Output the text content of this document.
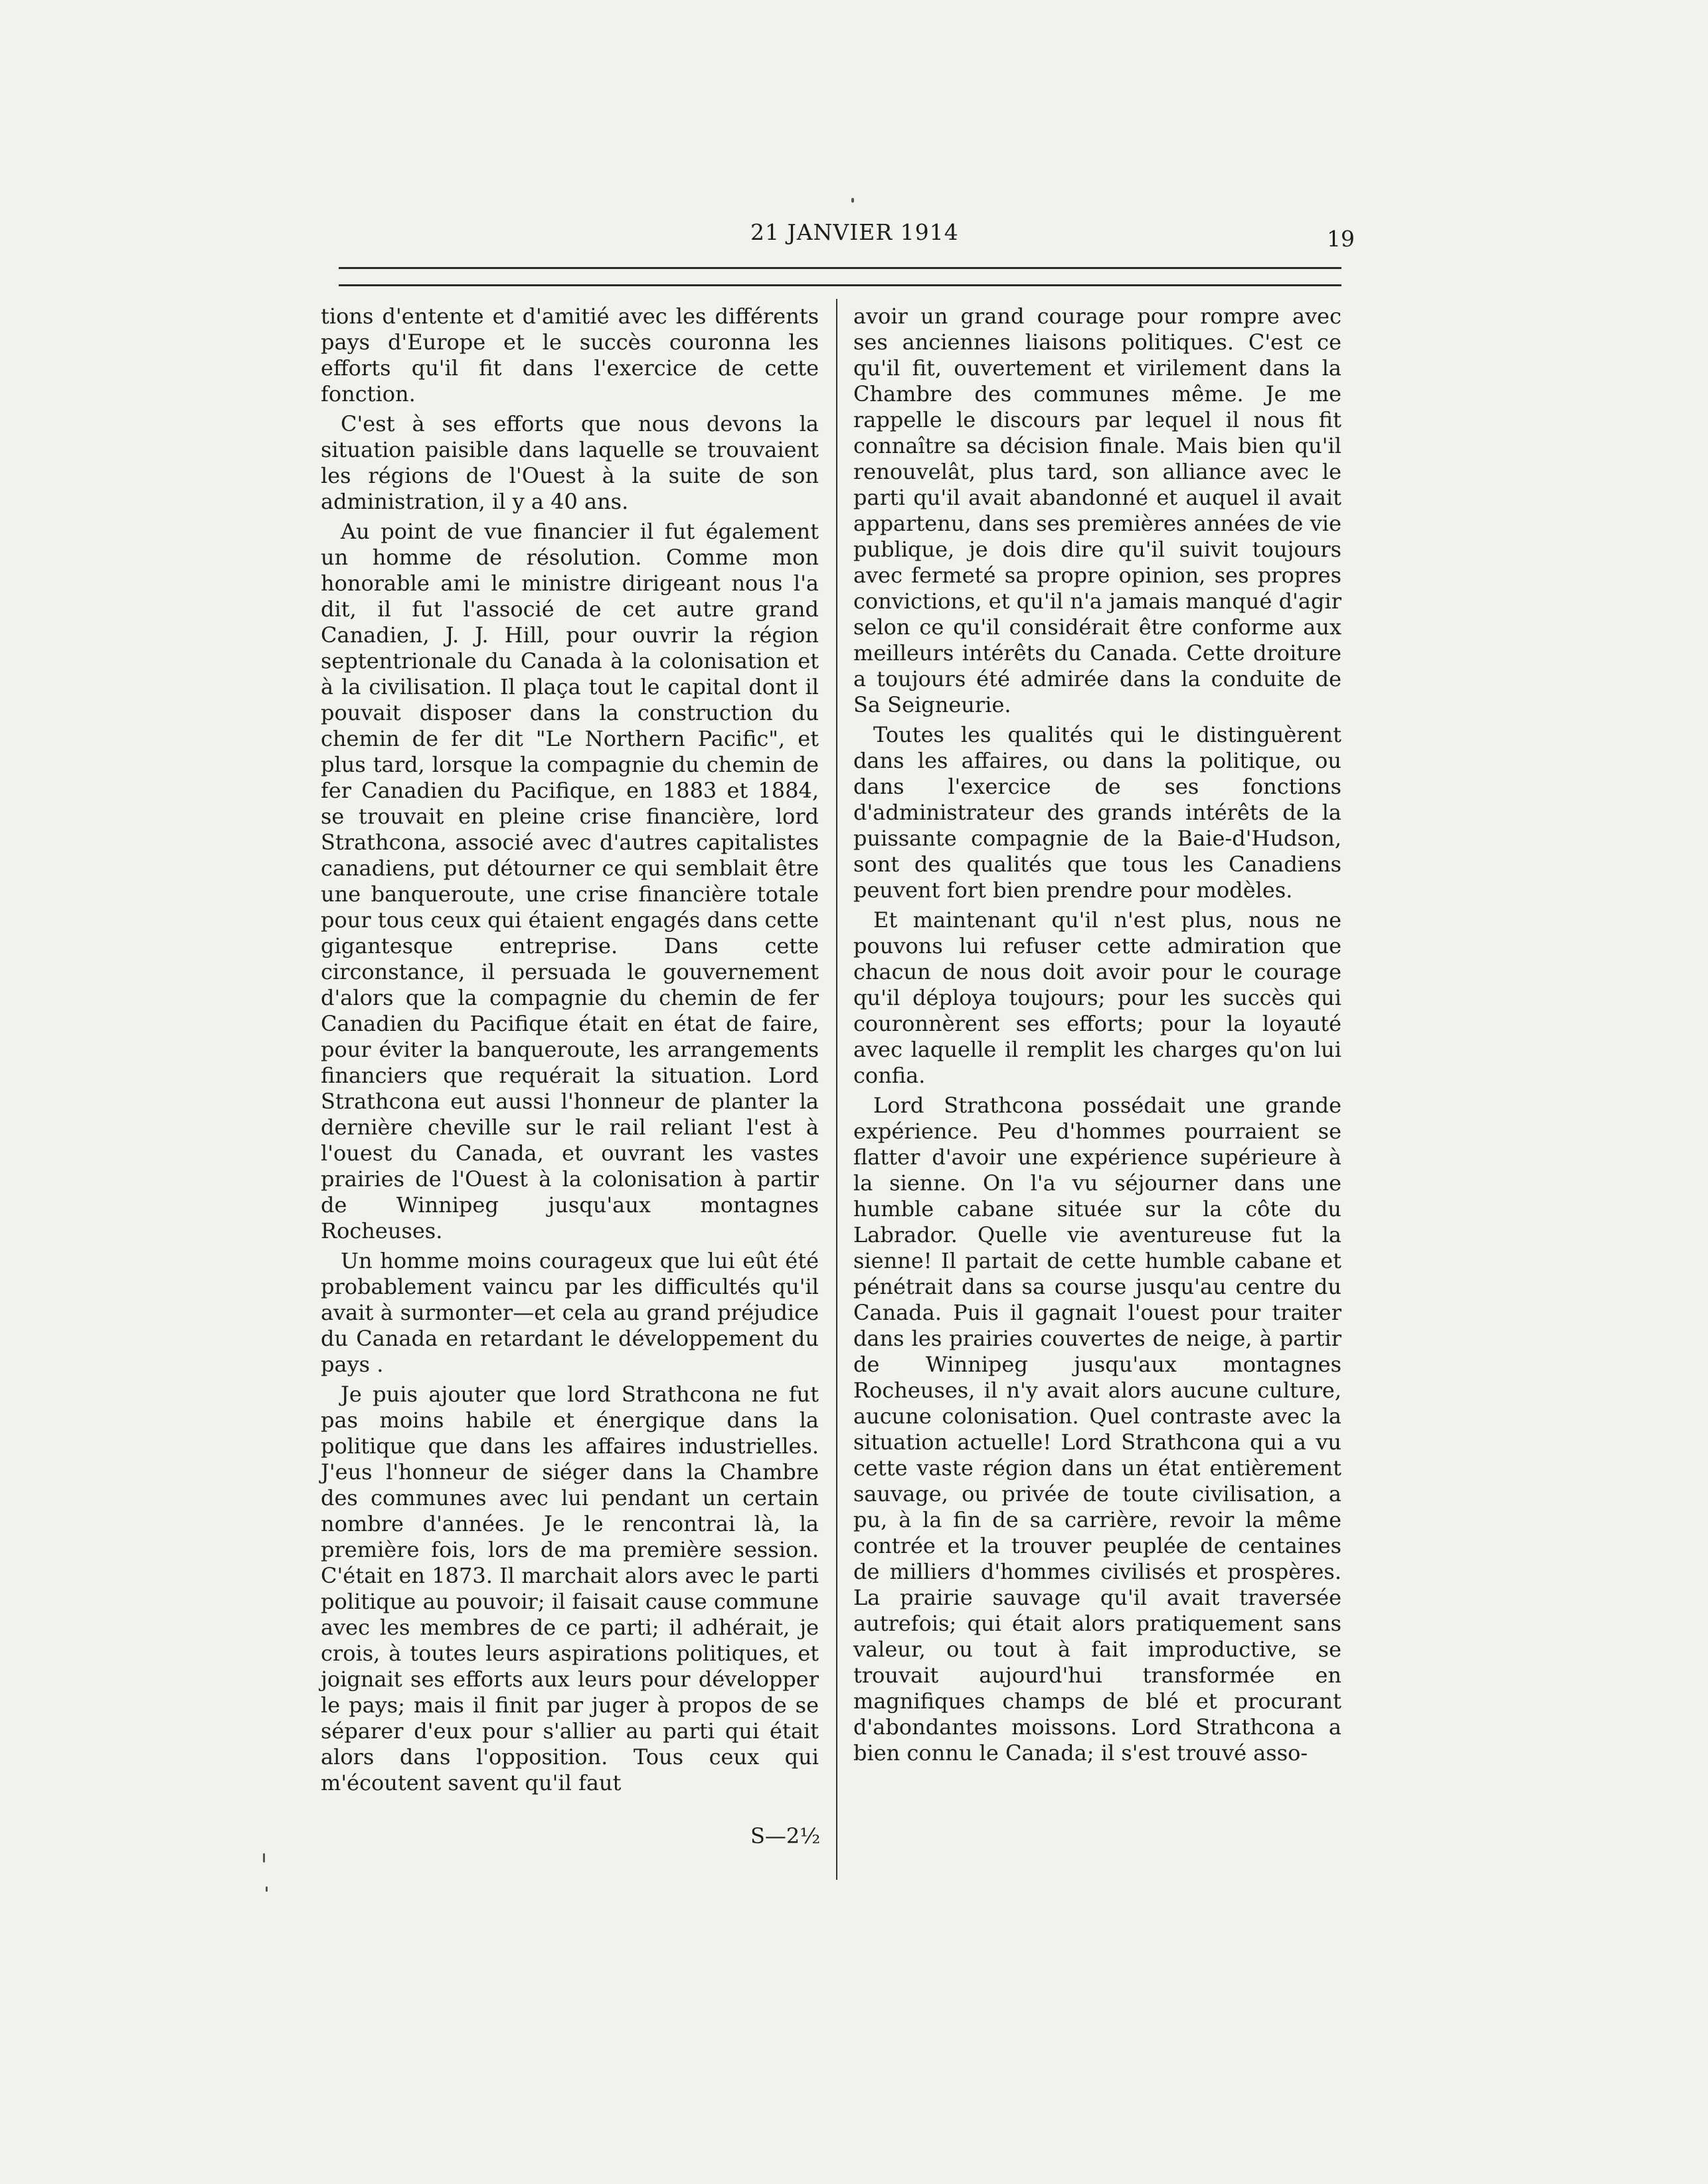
21 JANVIER 1914	19

tions d'entente et d'amitié avec les différents pays d'Europe et le succès couronna les efforts qu'il fit dans l'exercice de cette fonction.

C'est à ses efforts que nous devons la situation paisible dans laquelle se trouvaient les régions de l'Ouest à la suite de son administration, il y a 40 ans.

Au point de vue financier il fut également un homme de résolution. Comme mon honorable ami le ministre dirigeant nous l'a dit, il fut l'associé de cet autre grand Canadien, J. J. Hill, pour ouvrir la région septentrionale du Canada à la colonisation et à la civilisation. Il plaça tout le capital dont il pouvait disposer dans la construction du chemin de fer dit "Le Northern Pacific", et plus tard, lorsque la compagnie du chemin de fer Canadien du Pacifique, en 1883 et 1884, se trouvait en pleine crise financière, lord Strathcona, associé avec d'autres capitalistes canadiens, put détourner ce qui semblait être une banqueroute, une crise financière totale pour tous ceux qui étaient engagés dans cette gigantesque entreprise. Dans cette circonstance, il persuada le gouvernement d'alors que la compagnie du chemin de fer Canadien du Pacifique était en état de faire, pour éviter la banqueroute, les arrangements financiers que requérait la situation. Lord Strathcona eut aussi l'honneur de planter la dernière cheville sur le rail reliant l'est à l'ouest du Canada, et ouvrant les vastes prairies de l'Ouest à la colonisation à partir de Winnipeg jusqu'aux montagnes Rocheuses.

Un homme moins courageux que lui eût été probablement vaincu par les difficultés qu'il avait à surmonter—et cela au grand préjudice du Canada en retardant le développement du pays .

Je puis ajouter que lord Strathcona ne fut pas moins habile et énergique dans la politique que dans les affaires industrielles. J'eus l'honneur de siéger dans la Chambre des communes avec lui pendant un certain nombre d'années. Je le rencontrai là, la première fois, lors de ma première session. C'était en 1873. Il marchait alors avec le parti politique au pouvoir; il faisait cause commune avec les membres de ce parti; il adhérait, je crois, à toutes leurs aspirations politiques, et joignait ses efforts aux leurs pour développer le pays; mais il finit par juger à propos de se séparer d'eux pour s'allier au parti qui était alors dans l'opposition. Tous ceux qui m'écoutent savent qu'il faut

avoir un grand courage pour rompre avec ses anciennes liaisons politiques. C'est ce qu'il fit, ouvertement et virilement dans la Chambre des communes même. Je me rappelle le discours par lequel il nous fit connaître sa décision finale. Mais bien qu'il renouvelât, plus tard, son alliance avec le parti qu'il avait abandonné et auquel il avait appartenu, dans ses premières années de vie publique, je dois dire qu'il suivit toujours avec fermeté sa propre opinion, ses propres convictions, et qu'il n'a jamais manqué d'agir selon ce qu'il considérait être conforme aux meilleurs intérêts du Canada. Cette droiture a toujours été admirée dans la conduite de Sa Seigneurie.

Toutes les qualités qui le distinguèrent dans les affaires, ou dans la politique, ou dans l'exercice de ses fonctions d'administrateur des grands intérêts de la puissante compagnie de la Baie-d'Hudson, sont des qualités que tous les Canadiens peuvent fort bien prendre pour modèles.

Et maintenant qu'il n'est plus, nous ne pouvons lui refuser cette admiration que chacun de nous doit avoir pour le courage qu'il déploya toujours; pour les succès qui couronnèrent ses efforts; pour la loyauté avec laquelle il remplit les charges qu'on lui confia.

Lord Strathcona possédait une grande expérience. Peu d'hommes pourraient se flatter d'avoir une expérience supérieure à la sienne. On l'a vu séjourner dans une humble cabane située sur la côte du Labrador. Quelle vie aventureuse fut la sienne! Il partait de cette humble cabane et pénétrait dans sa course jusqu'au centre du Canada. Puis il gagnait l'ouest pour traiter dans les prairies couvertes de neige, à partir de Winnipeg jusqu'aux montagnes Rocheuses, il n'y avait alors aucune culture, aucune colonisation. Quel contraste avec la situation actuelle! Lord Strathcona qui a vu cette vaste région dans un état entièrement sauvage, ou privée de toute civilisation, a pu, à la fin de sa carrière, revoir la même contrée et la trouver peuplée de centaines de milliers d'hommes civilisés et prospères. La prairie sauvage qu'il avait traversée autrefois; qui était alors pratiquement sans valeur, ou tout à fait improductive, se trouvait aujourd'hui transformée en magnifiques champs de blé et procurant d'abondantes moissons. Lord Strathcona a bien connu le Canada; il s'est trouvé asso-

S—2½
